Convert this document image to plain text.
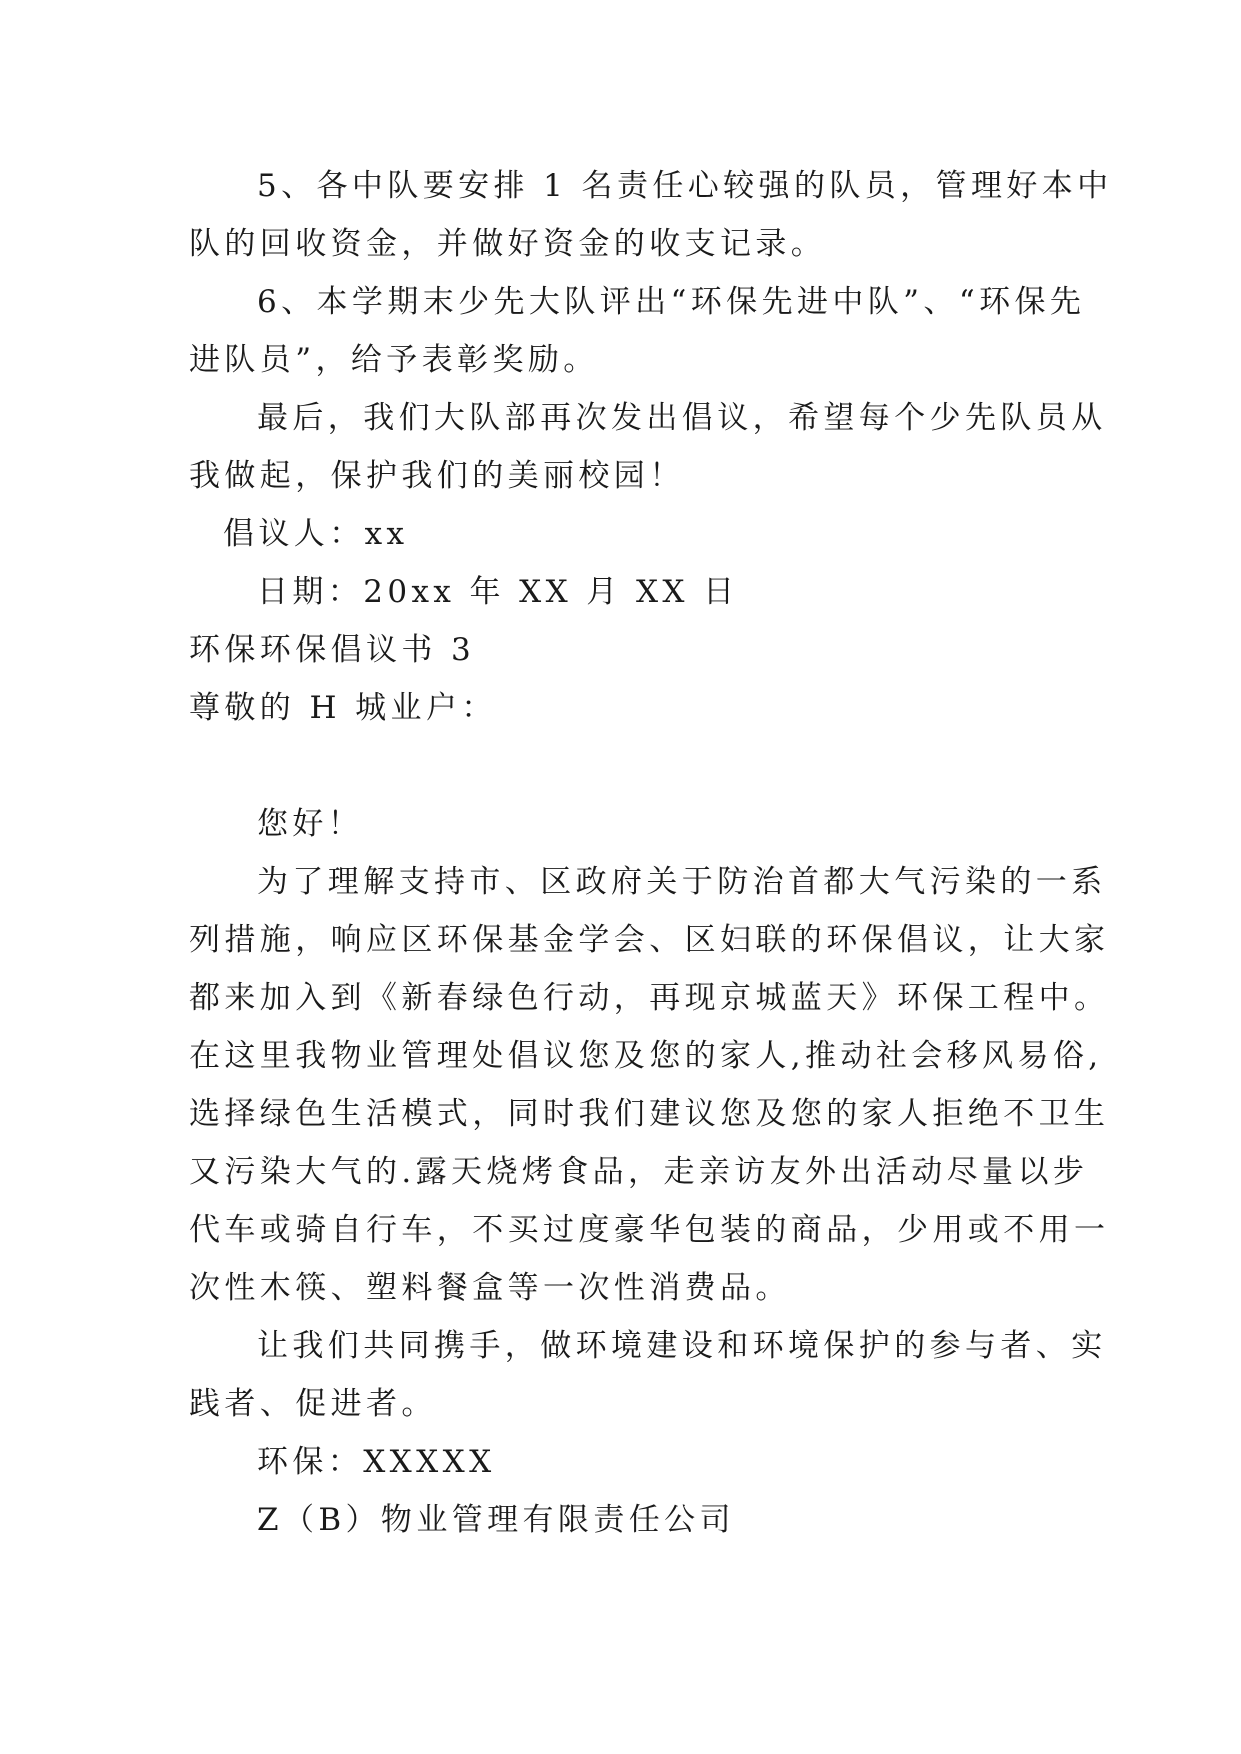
5、各中队要安排 1 名责任心较强的队员，管理好本中
队的回收资金，并做好资金的收支记录。
6、本学期末少先大队评出“环保先进中队”、“环保先
进队员”，给予表彰奖励。
最后，我们大队部再次发出倡议，希望每个少先队员从
我做起，保护我们的美丽校园！
倡议人：xx
日期：20xx 年 XX 月 XX 日
环保环保倡议书 3
尊敬的 H 城业户：
您好！
为了理解支持市、区政府关于防治首都大气污染的一系
列措施，响应区环保基金学会、区妇联的环保倡议，让大家
都来加入到《新春绿色行动，再现京城蓝天》环保工程中。
在这里我物业管理处倡议您及您的家人,推动社会移风易俗,
选择绿色生活模式，同时我们建议您及您的家人拒绝不卫生
又污染大气的.露天烧烤食品，走亲访友外出活动尽量以步
代车或骑自行车，不买过度豪华包装的商品，少用或不用一
次性木筷、塑料餐盒等一次性消费品。
让我们共同携手，做环境建设和环境保护的参与者、实
践者、促进者。
环保：XXXXX
Z（B）物业管理有限责任公司
